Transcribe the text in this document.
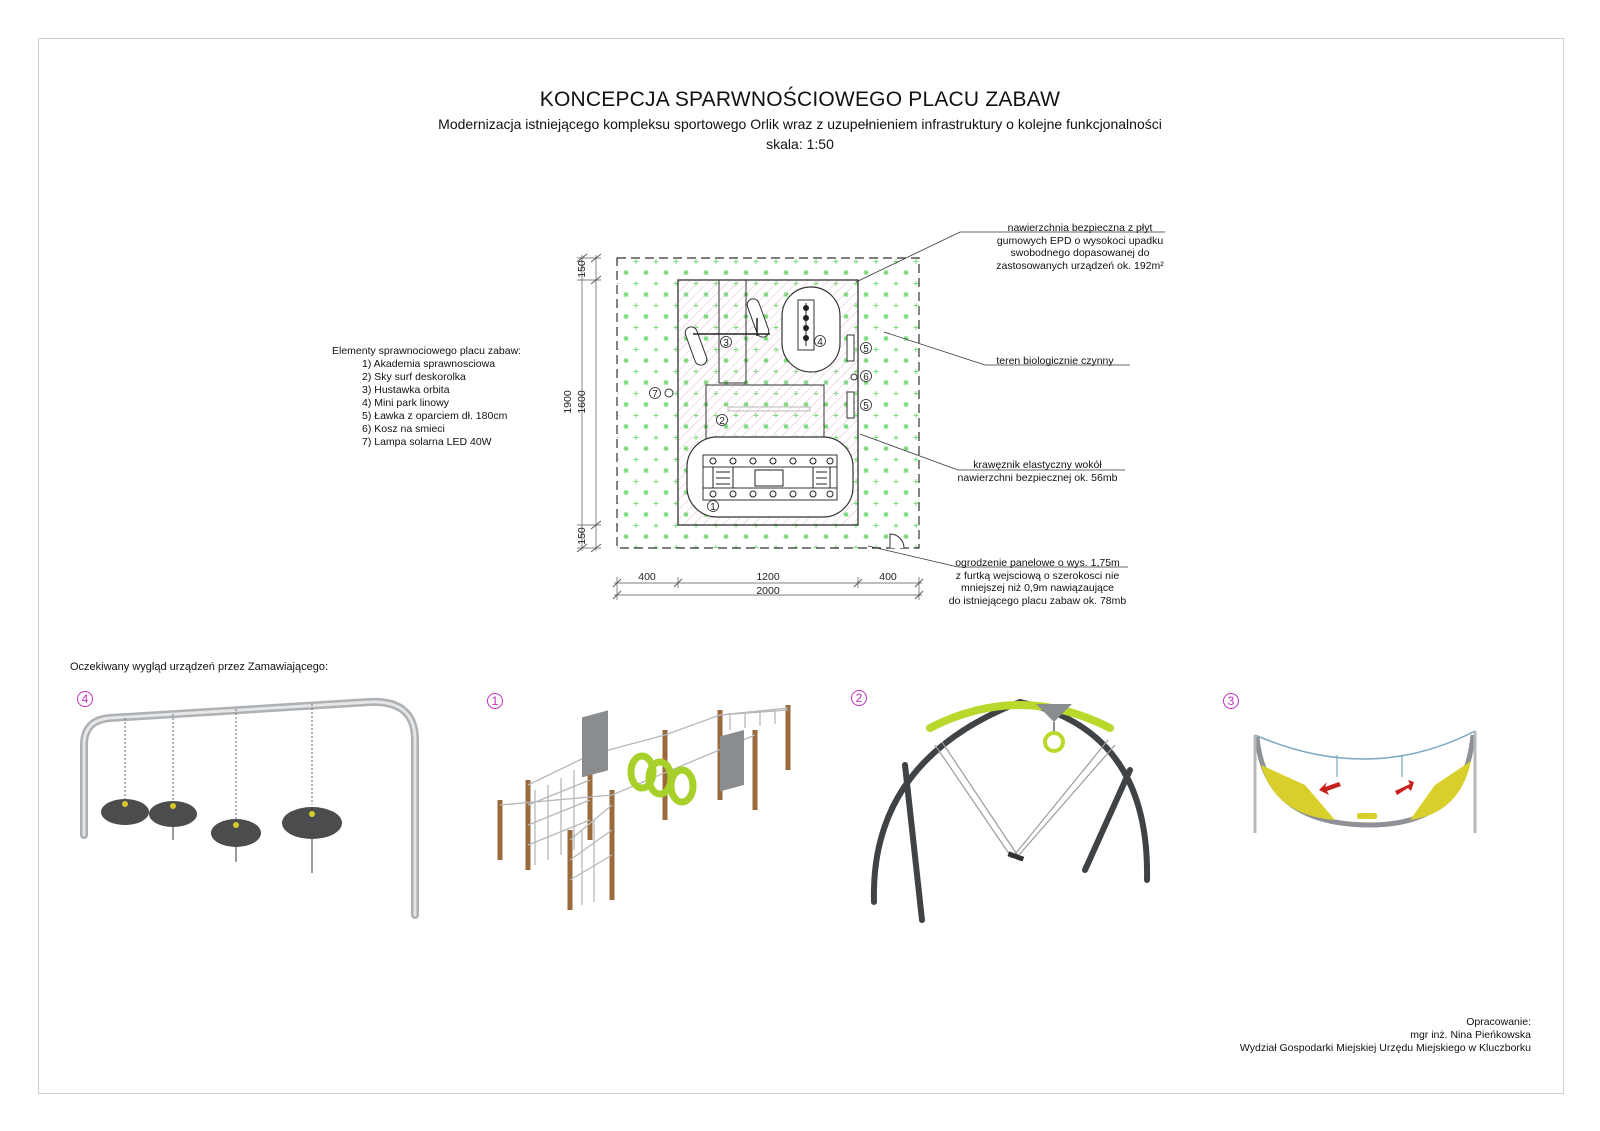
KONCEPCJA SPARWNOŚCIOWEGO PLACU ZABAW
Modernizacja istniejącego kompleksu sportowego Orlik wraz z uzupełnieniem infrastruktury o kolejne funkcjonalności
skala: 1:50
Elementy sprawnociowego placu zabaw:
1) Akademia sprawnosciowa
2) Sky surf deskorolka
3) Hustawka orbita
4) Mini park linowy
5) Ławka z oparciem dł. 180cm
6) Kosz na smieci
7) Lampa solarna LED 40W
1
2
3	4
5
6
5
7
1900 1600
150
150
400	1200	400
2000
nawierzchnia bezpieczna z płyt
gumowych EPD o wysokoci upadku
swobodnego dopasowanej do
zastosowanych urządzeń ok. 192m²
teren biologicznie czynny
krawęznik elastyczny wokół
nawierzchni bezpiecznej ok. 56mb
ogrodzenie panelowe o wys. 1,75m
z furtką wejsciową o szerokosci nie
mniejszej niż 0,9m nawiązaujące
do istniejącego placu zabaw ok. 78mb
Oczekiwany wygląd urządzeń przez Zamawiającego:
4	1	2	3
Opracowanie:
mgr inż. Nina Pieńkowska
Wydział Gospodarki Miejskiej Urzędu Miejskiego w Kluczborku
